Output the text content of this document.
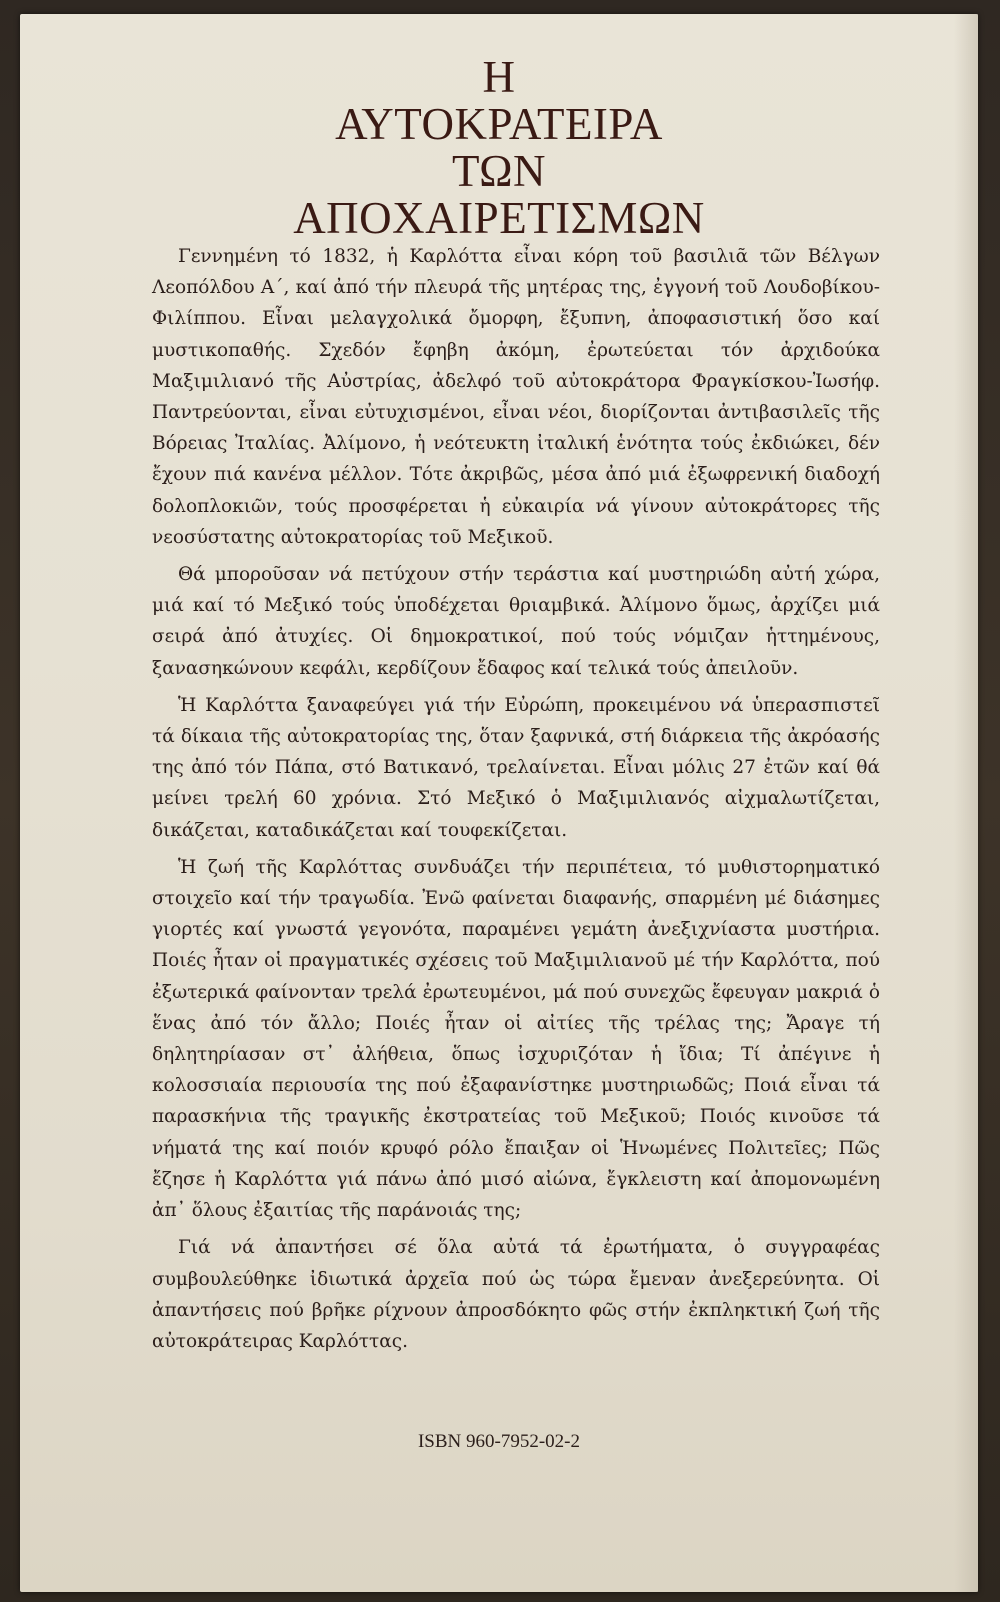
Η
ΑΥΤΟΚΡΑΤΕΙΡΑ
ΤΩΝ
ΑΠΟΧΑΙΡΕΤΙΣΜΩΝ

Γεννημένη τό 1832, ἡ Καρλόττα εἶναι κόρη τοῦ βασιλιᾶ τῶν Βέλγων Λεοπόλδου Α΄, καί ἀπό τήν πλευρά τῆς μητέρας της, ἐγγονή τοῦ Λουδοβίκου-Φιλίππου. Εἶναι μελαγχολικά ὄμορφη, ἔξυπνη, ἀποφασιστική ὅσο καί μυστικοπαθής. Σχεδόν ἔφηβη ἀκόμη, ἐρωτεύεται τόν ἀρχιδούκα Μαξιμιλιανό τῆς Αὐστρίας, ἀδελφό τοῦ αὐτοκράτορα Φραγκίσκου-Ἰωσήφ. Παντρεύονται, εἶναι εὐτυχισμένοι, εἶναι νέοι, διορίζονται ἀντιβασιλεῖς τῆς Βόρειας Ἰταλίας. Ἀλίμονο, ἡ νεότευκτη ἰταλική ἑνότητα τούς ἐκδιώκει, δέν ἔχουν πιά κανένα μέλλον. Τότε ἀκριβῶς, μέσα ἀπό μιά ἐξωφρενική διαδοχή δολοπλοκιῶν, τούς προσφέρεται ἡ εὐκαιρία νά γίνουν αὐτοκράτορες τῆς νεοσύστατης αὐτοκρατορίας τοῦ Μεξικοῦ.

Θά μποροῦσαν νά πετύχουν στήν τεράστια καί μυστηριώδη αὐτή χώρα, μιά καί τό Μεξικό τούς ὑποδέχεται θριαμβικά. Ἀλίμονο ὅμως, ἀρχίζει μιά σειρά ἀπό ἀτυχίες. Οἱ δημοκρατικοί, πού τούς νόμιζαν ἡττημένους, ξανασηκώνουν κεφάλι, κερδίζουν ἔδαφος καί τελικά τούς ἀπειλοῦν.

Ἡ Καρλόττα ξαναφεύγει γιά τήν Εὐρώπη, προκειμένου νά ὑπερασπιστεῖ τά δίκαια τῆς αὐτοκρατορίας της, ὅταν ξαφνικά, στή διάρκεια τῆς ἀκρόασής της ἀπό τόν Πάπα, στό Βατικανό, τρελαίνεται. Εἶναι μόλις 27 ἐτῶν καί θά μείνει τρελή 60 χρόνια. Στό Μεξικό ὁ Μαξιμιλιανός αἰχμαλωτίζεται, δικάζεται, καταδικάζεται καί τουφεκίζεται.

Ἡ ζωή τῆς Καρλόττας συνδυάζει τήν περιπέτεια, τό μυθιστορηματικό στοιχεῖο καί τήν τραγωδία. Ἐνῶ φαίνεται διαφανής, σπαρμένη μέ διάσημες γιορτές καί γνωστά γεγονότα, παραμένει γεμάτη ἀνεξιχνίαστα μυστήρια. Ποιές ἦταν οἱ πραγματικές σχέσεις τοῦ Μαξιμιλιανοῦ μέ τήν Καρλόττα, πού ἐξωτερικά φαίνονταν τρελά ἐρωτευμένοι, μά πού συνεχῶς ἔφευγαν μακριά ὁ ἕνας ἀπό τόν ἄλλο; Ποιές ἦταν οἱ αἰτίες τῆς τρέλας της; Ἄραγε τή δηλητηρίασαν στ᾽ ἀλήθεια, ὅπως ἰσχυριζόταν ἡ ἴδια; Τί ἀπέγινε ἡ κολοσσιαία περιουσία της πού ἐξαφανίστηκε μυστηριωδῶς; Ποιά εἶναι τά παρασκήνια τῆς τραγικῆς ἐκστρατείας τοῦ Μεξικοῦ; Ποιός κινοῦσε τά νήματά της καί ποιόν κρυφό ρόλο ἔπαιξαν οἱ Ἡνωμένες Πολιτεῖες; Πῶς ἔζησε ἡ Καρλόττα γιά πάνω ἀπό μισό αἰώνα, ἔγκλειστη καί ἀπομονωμένη ἀπ᾽ ὅλους ἐξαιτίας τῆς παράνοιάς της;

Γιά νά ἀπαντήσει σέ ὅλα αὐτά τά ἐρωτήματα, ὁ συγγραφέας συμβουλεύθηκε ἰδιωτικά ἀρχεῖα πού ὡς τώρα ἔμεναν ἀνεξερεύνητα. Οἱ ἀπαντήσεις πού βρῆκε ρίχνουν ἀπροσδόκητο φῶς στήν ἐκπληκτική ζωή τῆς αὐτοκράτειρας Καρλόττας.

ISBN 960-7952-02-2
